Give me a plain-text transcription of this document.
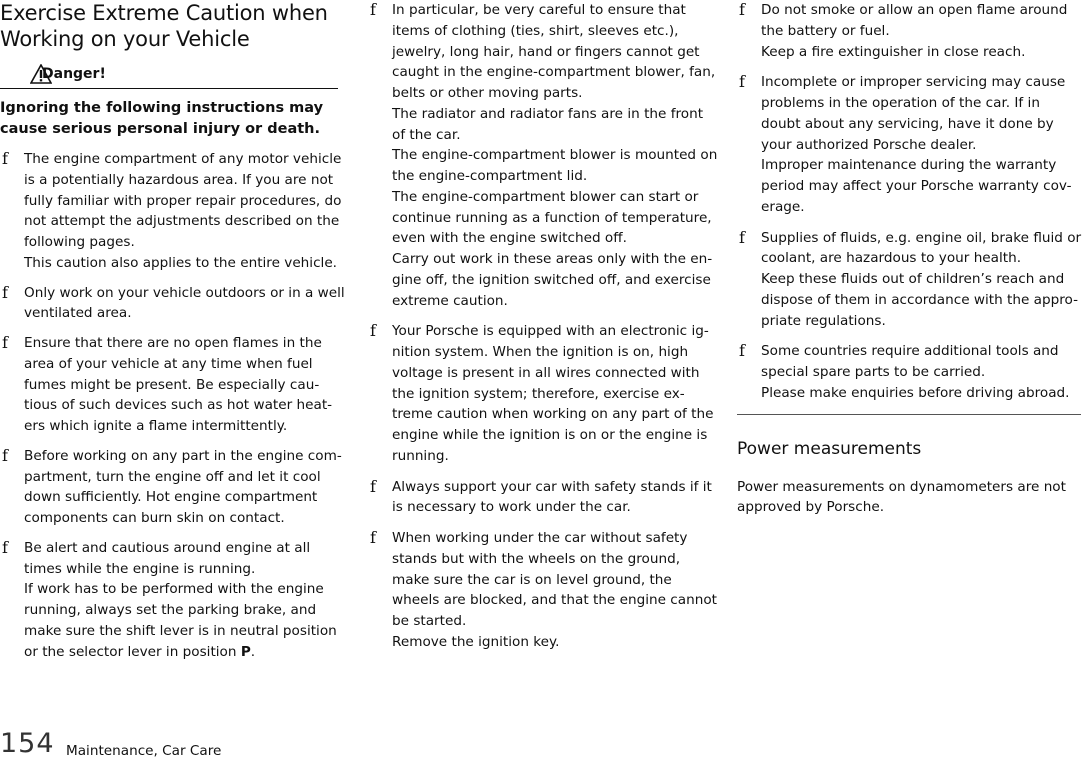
Exercise Extreme Caution when Working on your Vehicle
Danger!
Ignoring the following instructions may cause serious personal injury or death.
f The engine compartment of any motor vehicle is a potentially hazardous area. If you are not fully familiar with proper repair procedures, do not attempt the adjustments described on the following pages.

This caution also applies to the entire vehicle.

f Only work on your vehicle outdoors or in a well ventilated area.

f Ensure that there are no open flames in the area of your vehicle at any time when fuel fumes might be present. Be especially cau-tious of such devices such as hot water heat-ers which ignite a flame intermittently.

f Before working on any part in the engine com-partment, turn the engine off and let it cool down sufficiently. Hot engine compartment components can burn skin on contact.

f Be alert and cautious around engine at all times while the engine is running.

If work has to be performed with the engine running, always set the parking brake, and make sure the shift lever is in neutral position or the selector lever in position P.

f In particular, be very careful to ensure that items of clothing (ties, shirt, sleeves etc.), jewelry, long hair, hand or fingers cannot get caught in the engine-compartment blower, fan, belts or other moving parts.

The radiator and radiator fans are in the front of the car.

The engine-compartment blower is mounted on the engine-compartment lid.

The engine-compartment blower can start or continue running as a function of temperature, even with the engine switched off.

Carry out work in these areas only with the en-gine off, the ignition switched off, and exercise extreme caution.

f Your Porsche is equipped with an electronic ig-nition system. When the ignition is on, high voltage is present in all wires connected with the ignition system; therefore, exercise ex-treme caution when working on any part of the engine while the ignition is on or the engine is running.

f Always support your car with safety stands if it is necessary to work under the car.

f When working under the car without safety stands but with the wheels on the ground, make sure the car is on level ground, the wheels are blocked, and that the engine cannot be started.

Remove the ignition key.

f Do not smoke or allow an open flame around the battery or fuel.

Keep a fire extinguisher in close reach.

f Incomplete or improper servicing may cause problems in the operation of the car. If in doubt about any servicing, have it done by your authorized Porsche dealer.

Improper maintenance during the warranty period may affect your Porsche warranty cov-erage.

f Supplies of fluids, e.g. engine oil, brake fluid or coolant, are hazardous to your health.

Keep these fluids out of children’s reach and dispose of them in accordance with the appro-priate regulations.

f Some countries require additional tools and special spare parts to be carried.

Please make enquiries before driving abroad.

Power measurements
Power measurements on dynamometers are not approved by Porsche.
154 Maintenance, Car Care
